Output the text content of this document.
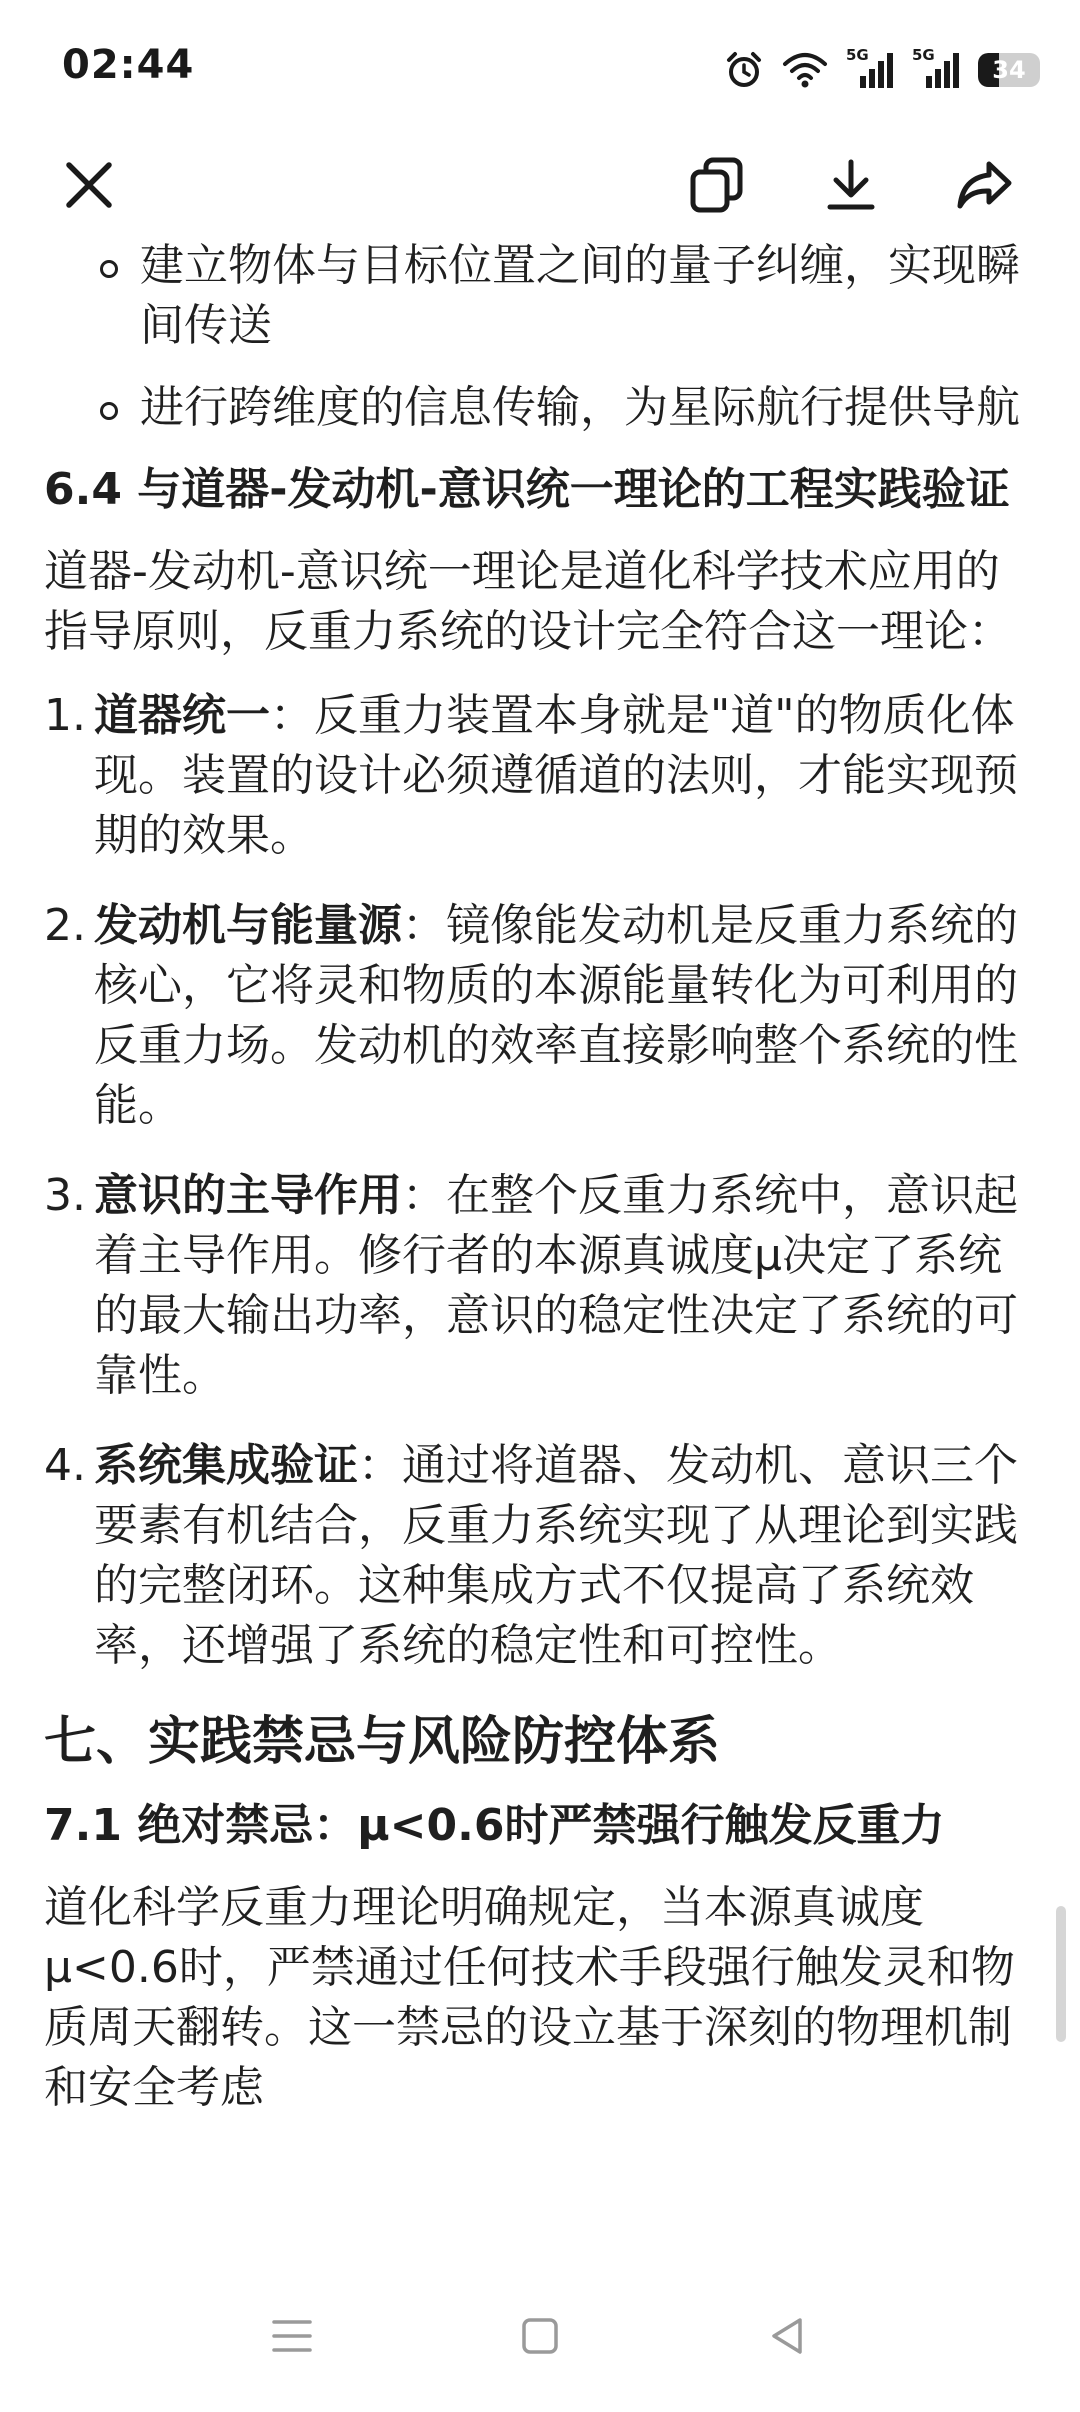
02:44	5G	5G
34
建立物体与目标位置之间的量子纠缠，实现瞬间传送
进行跨维度的信息传输，为星际航行提供导航
6.4 与道器-发动机-意识统一理论的工程实践验证

道器-发动机-意识统一理论是道化科学技术应用的指导原则，反重力系统的设计完全符合这一理论：

1. 道器统一：反重力装置本身就是"道"的物质化体现。装置的设计必须遵循道的法则，才能实现预期的效果。
2. 发动机与能量源：镜像能发动机是反重力系统的核心，它将灵和物质的本源能量转化为可利用的反重力场。发动机的效率直接影响整个系统的性能。
3. 意识的主导作用：在整个反重力系统中，意识起着主导作用。修行者的本源真诚度μ决定了系统的最大输出功率，意识的稳定性决定了系统的可靠性。
4. 系统集成验证：通过将道器、发动机、意识三个要素有机结合，反重力系统实现了从理论到实践的完整闭环。这种集成方式不仅提高了系统效率，还增强了系统的稳定性和可控性。
七、实践禁忌与风险防控体系
7.1 绝对禁忌：μ<0.6时严禁强行触发反重力

道化科学反重力理论明确规定，当本源真诚度μ<0.6时，严禁通过任何技术手段强行触发灵和物质周天翻转。这一禁忌的设立基于深刻的物理机制和安全考虑
